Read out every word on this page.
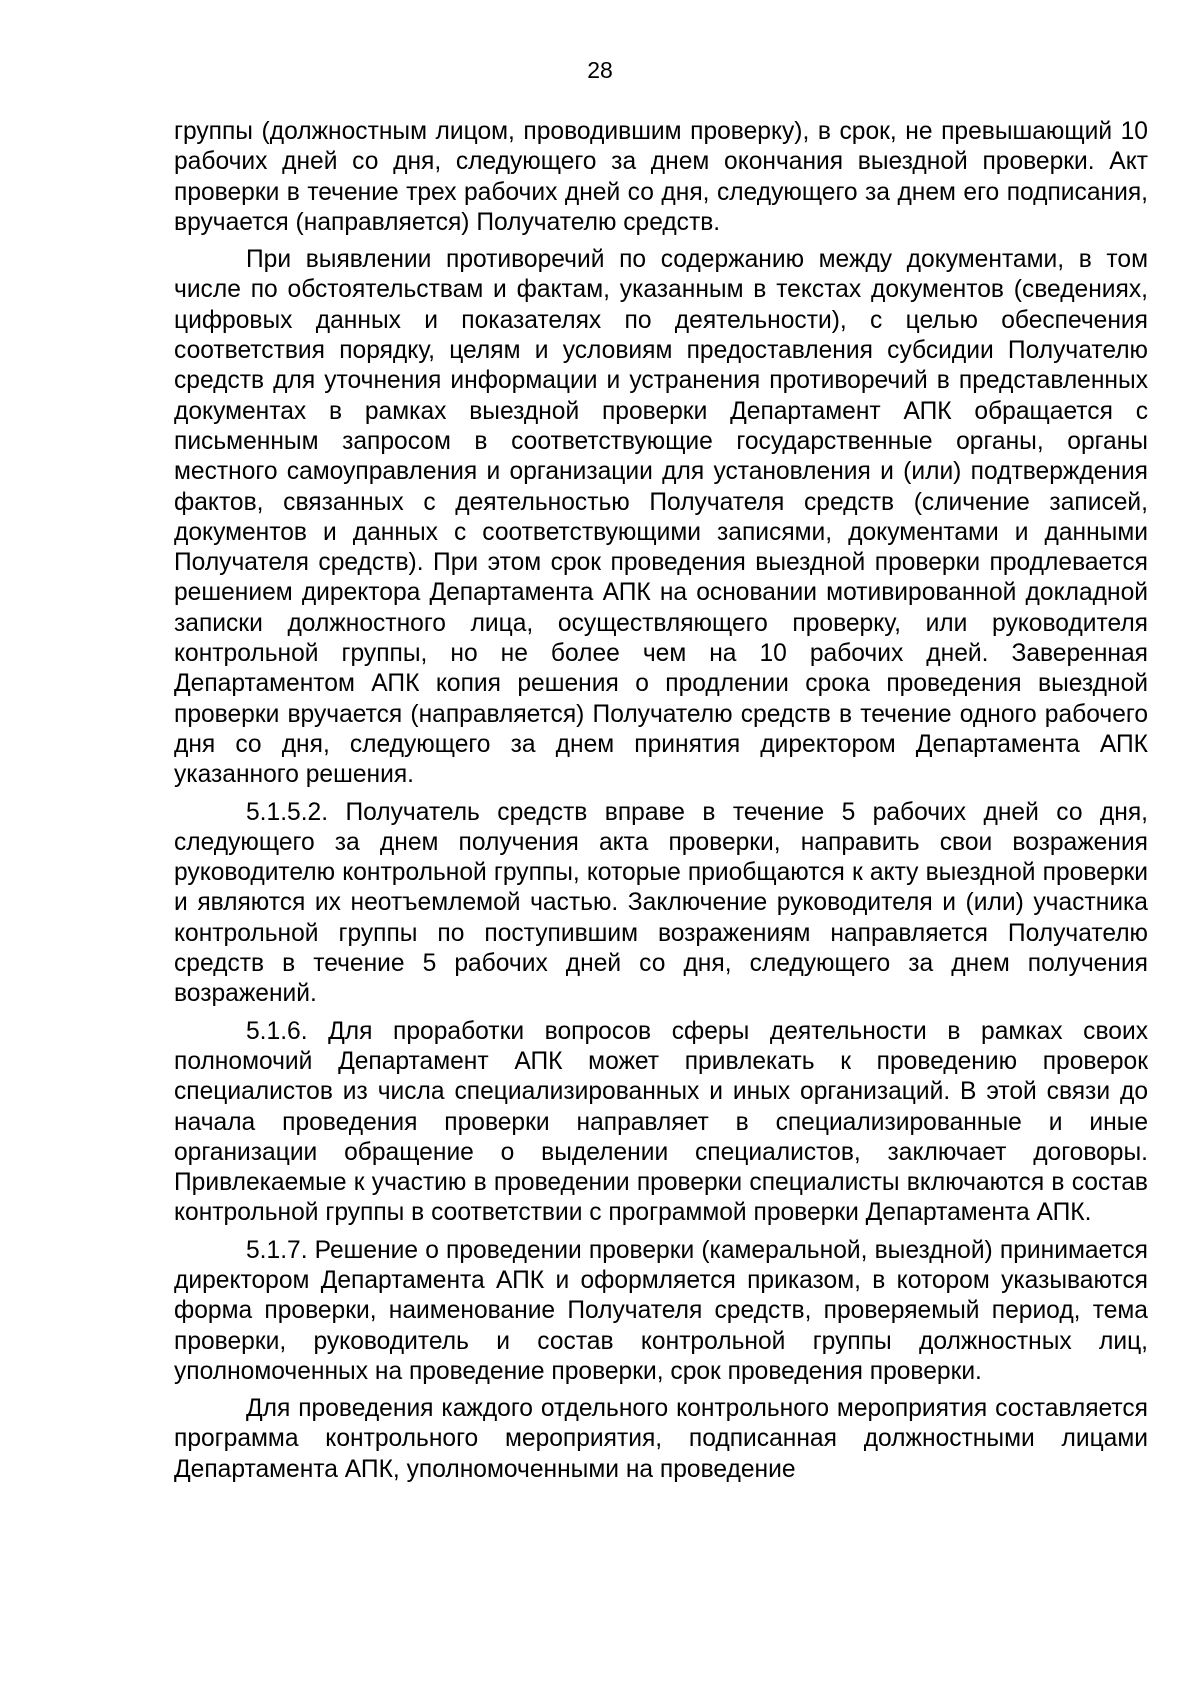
28

группы (должностным лицом, проводившим проверку), в срок, не превышающий 10 рабочих дней со дня, следующего за днем окончания выездной проверки. Акт проверки в течение трех рабочих дней со дня, следующего за днем его подписания, вручается (направляется) Получателю средств.

При выявлении противоречий по содержанию между документами, в том числе по обстоятельствам и фактам, указанным в текстах документов (сведениях, цифровых данных и показателях по деятельности), с целью обеспечения соответствия порядку, целям и условиям предоставления субсидии Получателю средств для уточнения информации и устранения противоречий в представленных документах в рамках выездной проверки Департамент АПК обращается с письменным запросом в соответствующие государственные органы, органы местного самоуправления и организации для установления и (или) подтверждения фактов, связанных с деятельностью Получателя средств (сличение записей, документов и данных с соответствующими записями, документами и данными Получателя средств). При этом срок проведения выездной проверки продлевается решением директора Департамента АПК на основании мотивированной докладной записки должностного лица, осуществляющего проверку, или руководителя контрольной группы, но не более чем на 10 рабочих дней. Заверенная Департаментом АПК копия решения о продлении срока проведения выездной проверки вручается (направляется) Получателю средств в течение одного рабочего дня со дня, следующего за днем принятия директором Департамента АПК указанного решения.

5.1.5.2. Получатель средств вправе в течение 5 рабочих дней со дня, следующего за днем получения акта проверки, направить свои возражения руководителю контрольной группы, которые приобщаются к акту выездной проверки и являются их неотъемлемой частью. Заключение руководителя и (или) участника контрольной группы по поступившим возражениям направляется Получателю средств в течение 5 рабочих дней со дня, следующего за днем получения возражений.

5.1.6. Для проработки вопросов сферы деятельности в рамках своих полномочий Департамент АПК может привлекать к проведению проверок специалистов из числа специализированных и иных организаций. В этой связи до начала проведения проверки направляет в специализированные и иные организации обращение о выделении специалистов, заключает договоры. Привлекаемые к участию в проведении проверки специалисты включаются в состав контрольной группы в соответствии с программой проверки Департамента АПК.

5.1.7. Решение о проведении проверки (камеральной, выездной) принимается директором Департамента АПК и оформляется приказом, в котором указываются форма проверки, наименование Получателя средств, проверяемый период, тема проверки, руководитель и состав контрольной группы должностных лиц, уполномоченных на проведение проверки, срок проведения проверки.

Для проведения каждого отдельного контрольного мероприятия составляется программа контрольного мероприятия, подписанная должностными лицами Департамента АПК, уполномоченными на проведение
